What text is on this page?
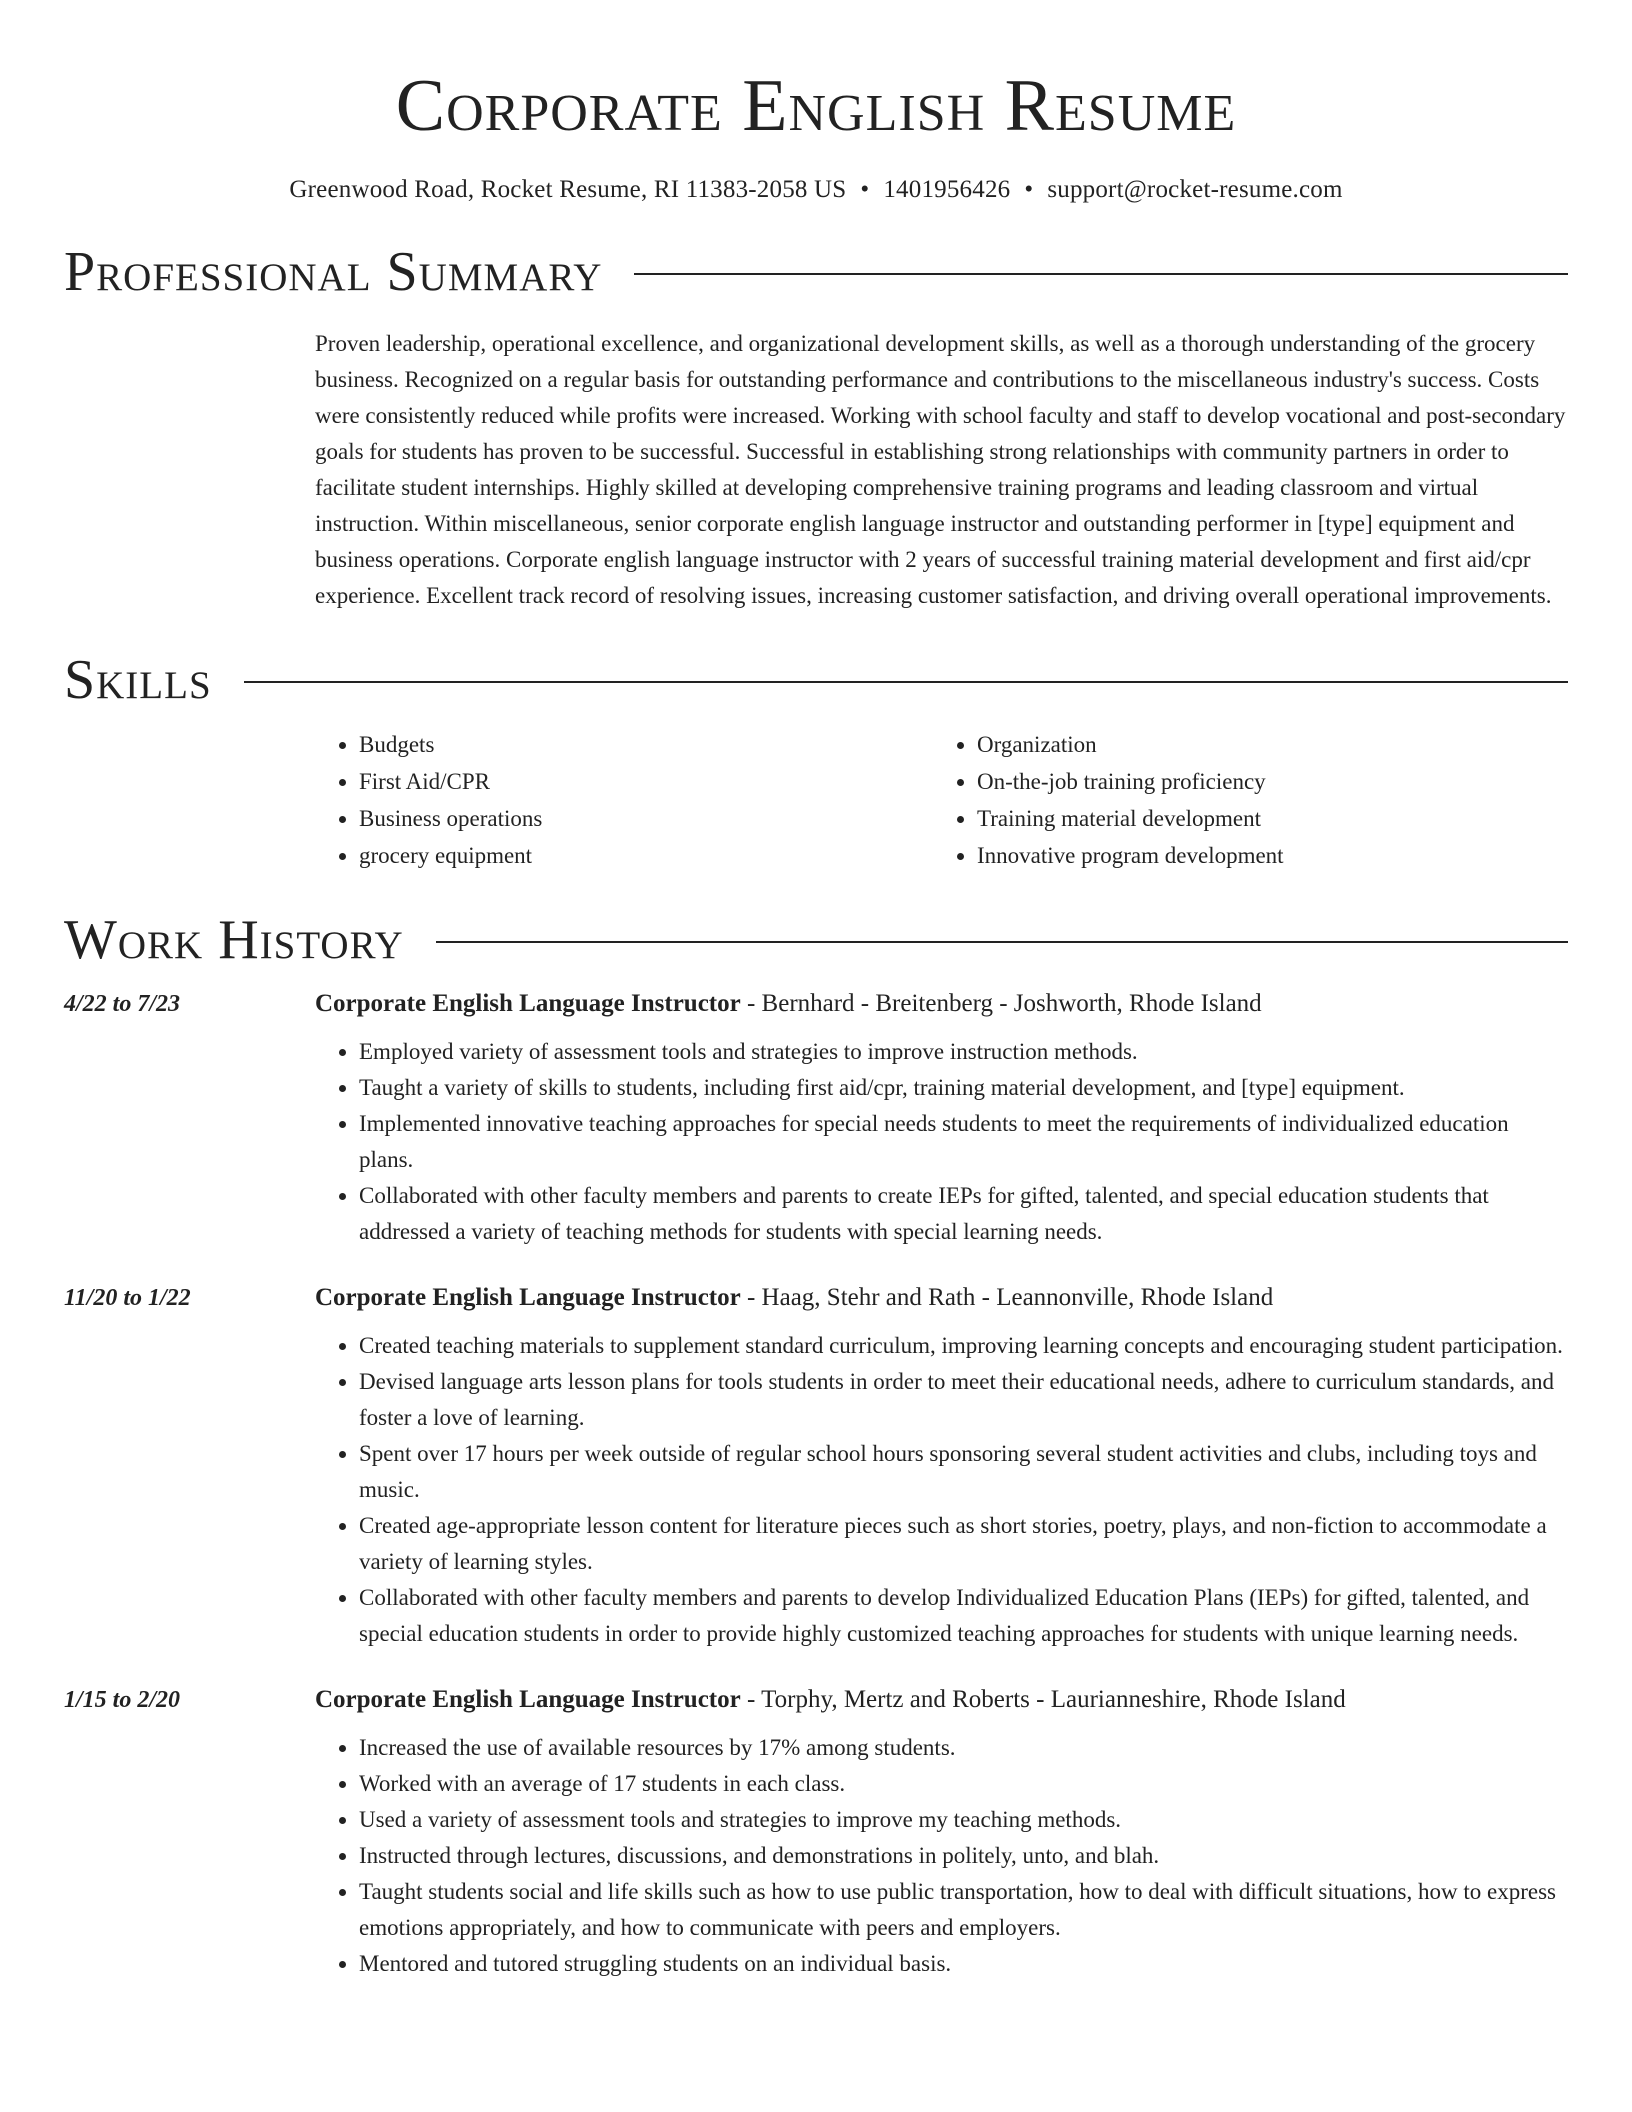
Corporate English Resume
Greenwood Road, Rocket Resume, RI 11383-2058 US • 1401956426 • support@rocket-resume.com
Professional Summary
Proven leadership, operational excellence, and organizational development skills, as well as a thorough understanding of the grocery business. Recognized on a regular basis for outstanding performance and contributions to the miscellaneous industry's success. Costs were consistently reduced while profits were increased. Working with school faculty and staff to develop vocational and post-secondary goals for students has proven to be successful. Successful in establishing strong relationships with community partners in order to facilitate student internships. Highly skilled at developing comprehensive training programs and leading classroom and virtual instruction. Within miscellaneous, senior corporate english language instructor and outstanding performer in [type] equipment and business operations. Corporate english language instructor with 2 years of successful training material development and first aid/cpr experience. Excellent track record of resolving issues, increasing customer satisfaction, and driving overall operational improvements.
Skills
• Budgets
• First Aid/CPR
• Business operations
• grocery equipment
• Organization
• On-the-job training proficiency
• Training material development
• Innovative program development
Work History
4/22 to 7/23	Corporate English Language Instructor - Bernhard - Breitenberg - Joshworth, Rhode Island
• Employed variety of assessment tools and strategies to improve instruction methods.
• Taught a variety of skills to students, including first aid/cpr, training material development, and [type] equipment.
• Implemented innovative teaching approaches for special needs students to meet the requirements of individualized education plans.
• Collaborated with other faculty members and parents to create IEPs for gifted, talented, and special education students that addressed a variety of teaching methods for students with special learning needs.
11/20 to 1/22	Corporate English Language Instructor - Haag, Stehr and Rath - Leannonville, Rhode Island
• Created teaching materials to supplement standard curriculum, improving learning concepts and encouraging student participation.
• Devised language arts lesson plans for tools students in order to meet their educational needs, adhere to curriculum standards, and foster a love of learning.
• Spent over 17 hours per week outside of regular school hours sponsoring several student activities and clubs, including toys and music.
• Created age-appropriate lesson content for literature pieces such as short stories, poetry, plays, and non-fiction to accommodate a variety of learning styles.
• Collaborated with other faculty members and parents to develop Individualized Education Plans (IEPs) for gifted, talented, and special education students in order to provide highly customized teaching approaches for students with unique learning needs.
1/15 to 2/20	Corporate English Language Instructor - Torphy, Mertz and Roberts - Laurianneshire, Rhode Island
• Increased the use of available resources by 17% among students.
• Worked with an average of 17 students in each class.
• Used a variety of assessment tools and strategies to improve my teaching methods.
• Instructed through lectures, discussions, and demonstrations in politely, unto, and blah.
• Taught students social and life skills such as how to use public transportation, how to deal with difficult situations, how to express emotions appropriately, and how to communicate with peers and employers.
• Mentored and tutored struggling students on an individual basis.
